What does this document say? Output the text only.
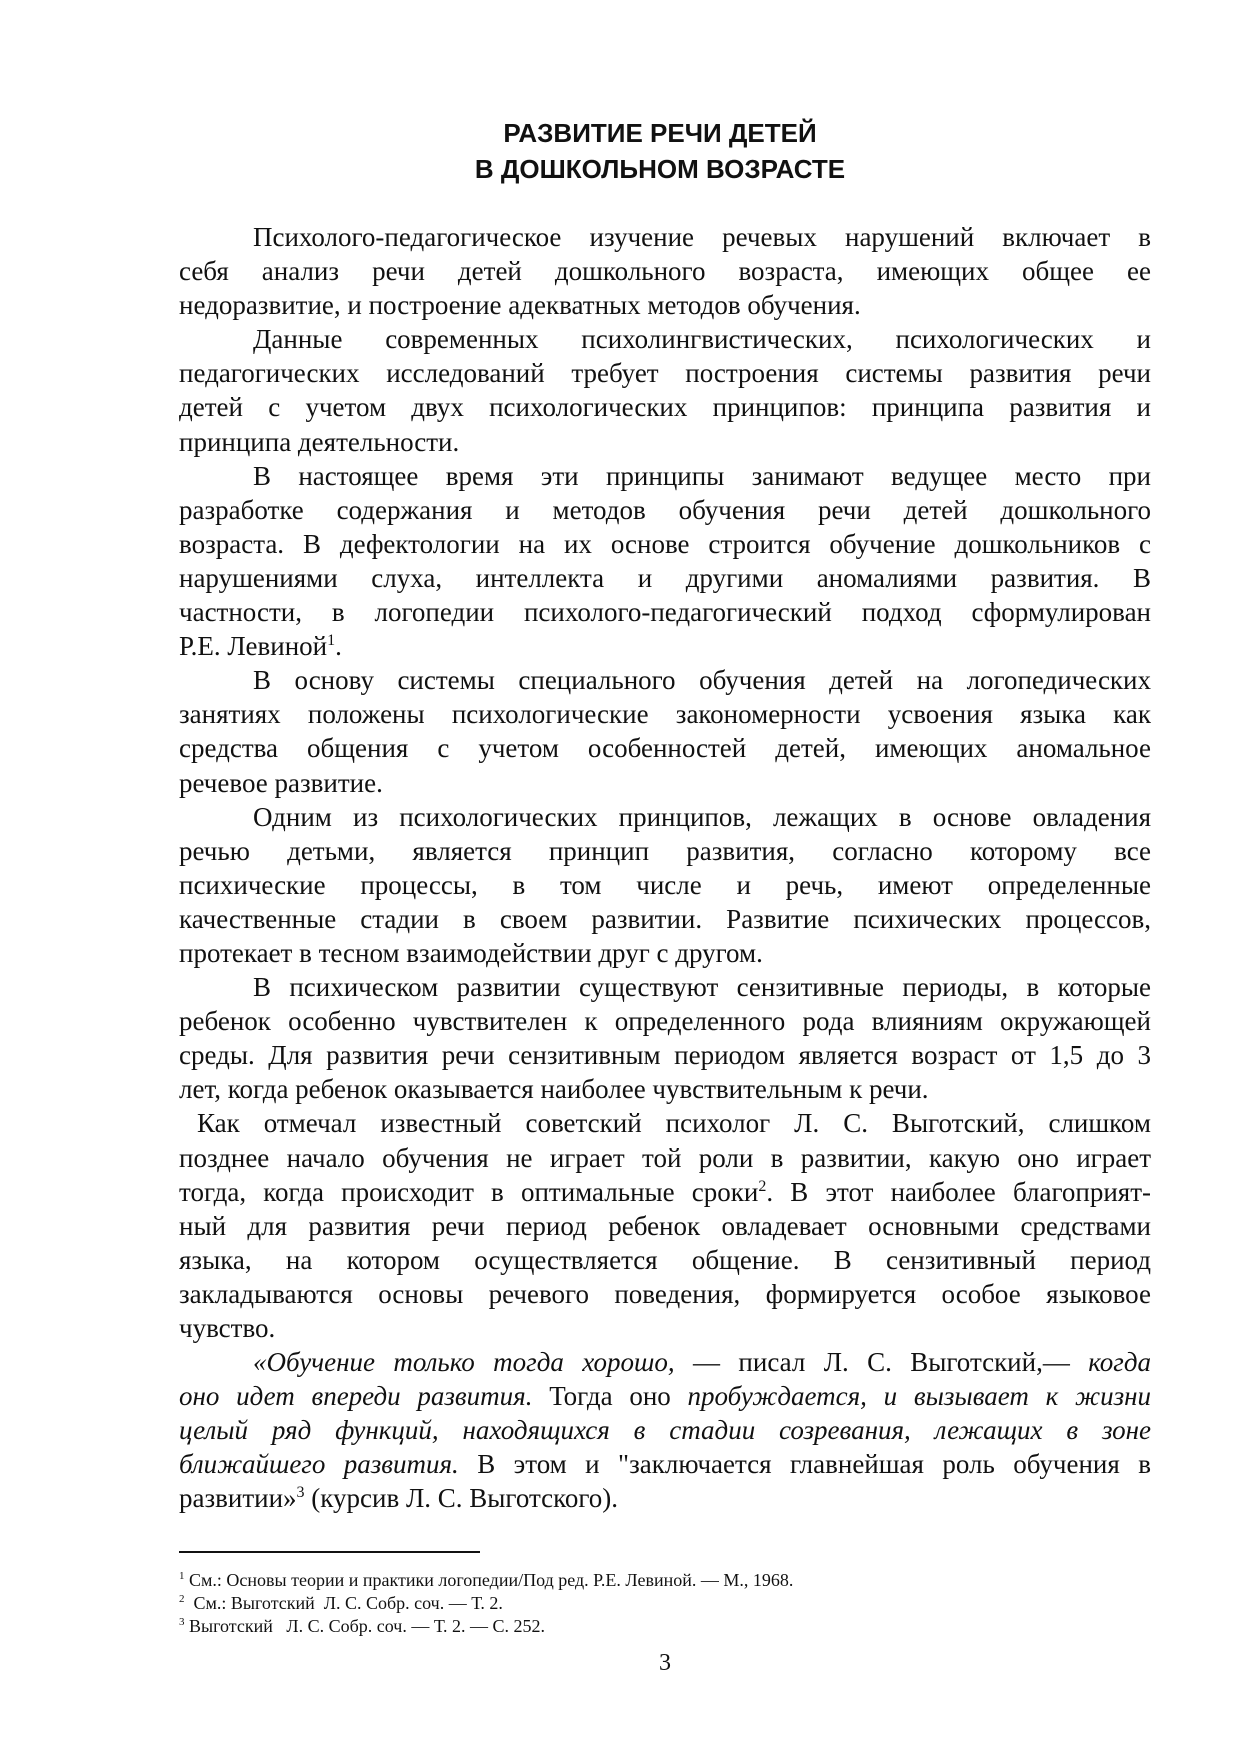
РАЗВИТИЕ РЕЧИ ДЕТЕЙ
В ДОШКОЛЬНОМ ВОЗРАСТЕ
Психолого-педагогическое изучение речевых нарушений включает в
себя анализ речи детей дошкольного возраста, имеющих общее ее
недоразвитие, и построение адекватных методов обучения.
Данные современных психолингвистических, психологических и
педагогических исследований требует построения системы развития речи
детей с учетом двух психологических принципов: принципа развития и
принципа деятельности.
В настоящее время эти принципы занимают ведущее место при
разработке содержания и методов обучения речи детей дошкольного
возраста. В дефектологии на их основе строится обучение дошкольников с
нарушениями слуха, интеллекта и другими аномалиями развития. В
частности, в логопедии психолого-педагогический подход сформулирован
Р.Е. Левиной$^1$.
В основу системы специального обучения детей на логопедических
занятиях положены психологические закономерности усвоения языка как
средства общения с учетом особенностей детей, имеющих аномальное
речевое развитие.
Одним из психологических принципов, лежащих в основе овладения
речью детьми, является принцип развития, согласно которому все
психические процессы, в том числе и речь, имеют определенные
качественные стадии в своем развитии. Развитие психических процессов,
протекает в тесном взаимодействии друг с другом.
В психическом развитии существуют сензитивные периоды, в которые
ребенок особенно чувствителен к определенного рода влияниям окружающей
среды. Для развития речи сензитивным периодом является возраст от 1,5 до 3
лет, когда ребенок оказывается наиболее чувствительным к речи.
Как отмечал известный советский психолог Л. С. Выготский, слишком
позднее начало обучения не играет той роли в развитии, какую оно играет
тогда, когда происходит в оптимальные сроки$^2$. В этот наиболее благоприят-
ный для развития речи период ребенок овладевает основными средствами
языка, на котором осуществляется общение. В сензитивный период
закладываются основы речевого поведения, формируется особое языковое
чувство.
«Обучение только тогда хорошо, — писал Л. С. Выготский,— когда
оно идет впереди развития. Тогда оно пробуждается, и вызывает к жизни
целый ряд функций, находящихся в стадии созревания, лежащих в зоне
ближайшего развития. В этом и "заключается главнейшая роль обучения в
развитии»$^3$ (курсив Л. С. Выготского).
$^1$ См.: Основы теории и практики логопедии/Под ред. Р.Е. Левиной. — М., 1968.
$^2$  См.: Выготский  Л. С. Собр. соч. — Т. 2.
$^3$ Выготский   Л. С. Собр. соч. — Т. 2. — С. 252.
3
